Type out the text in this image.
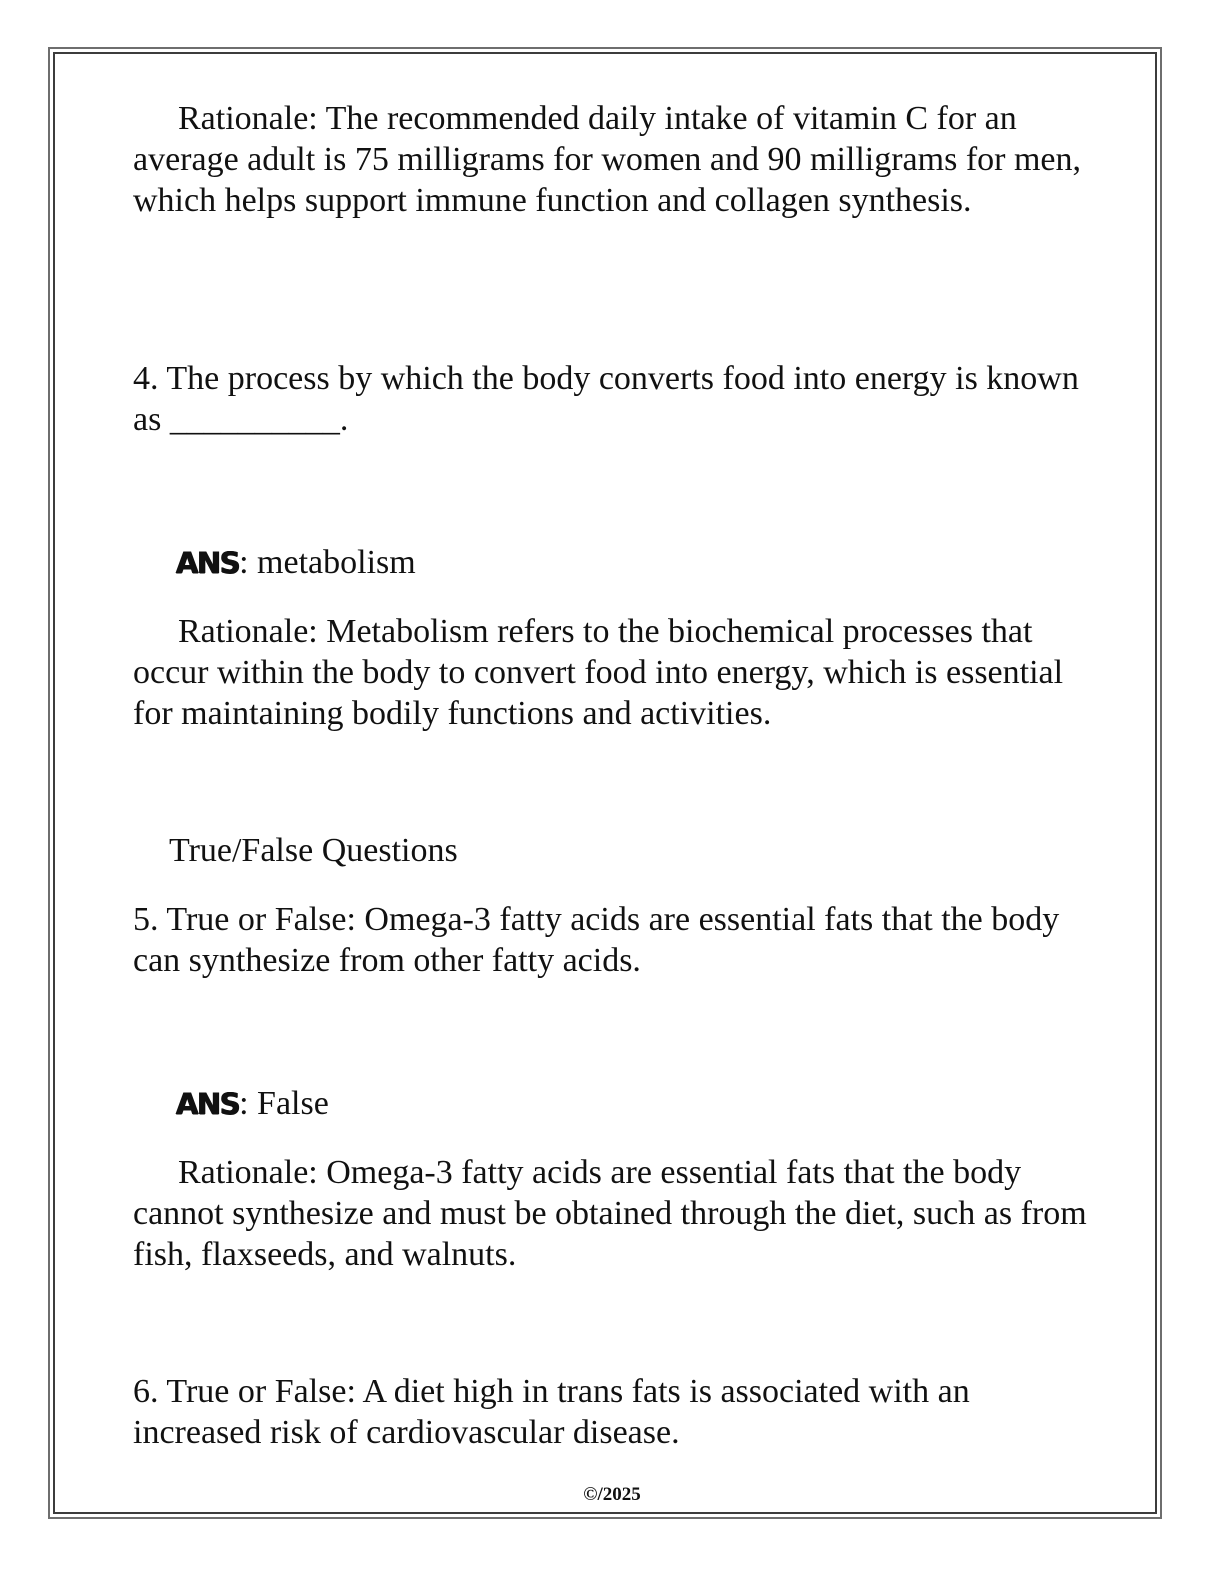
Rationale: The recommended daily intake of vitamin C for an average adult is 75 milligrams for women and 90 milligrams for men, which helps support immune function and collagen synthesis.

4. The process by which the body converts food into energy is known as __________.

ANS: metabolism

Rationale: Metabolism refers to the biochemical processes that occur within the body to convert food into energy, which is essential for maintaining bodily functions and activities.

True/False Questions

5. True or False: Omega-3 fatty acids are essential fats that the body can synthesize from other fatty acids.

ANS: False

Rationale: Omega-3 fatty acids are essential fats that the body cannot synthesize and must be obtained through the diet, such as from fish, flaxseeds, and walnuts.

6. True or False: A diet high in trans fats is associated with an increased risk of cardiovascular disease.

©/2025
